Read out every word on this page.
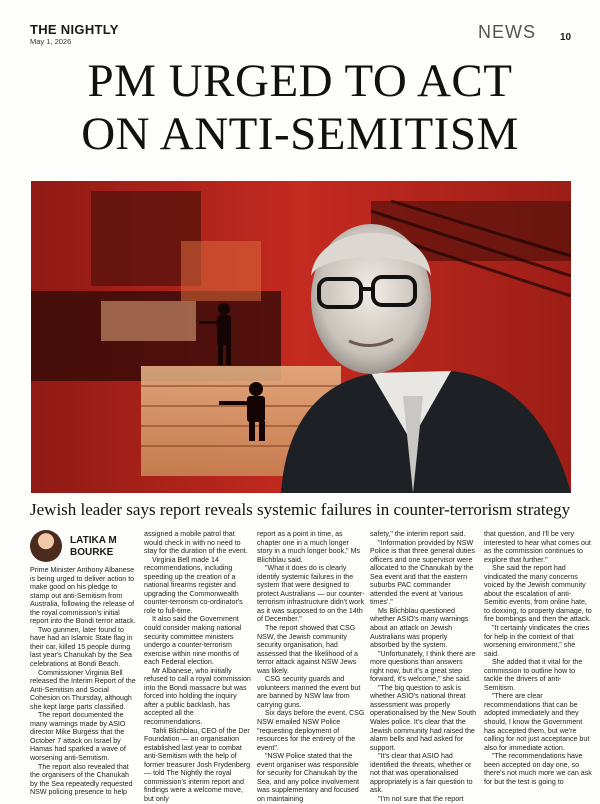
THE NIGHTLY
May 1, 2026	NEWS 10
PM URGED TO ACT
ON ANTI-SEMITISM
Jewish leader says report reveals systemic failures in counter-terrorism strategy
LATIKA M
BOURKE

Prime Minister Anthony Albanese is being urged to deliver action to make good on his pledge to stamp out anti-Semitism from Australia, following the release of the royal commission's initial report into the Bondi terror attack.

Two gunmen, later found to have had an Islamic State flag in their car, killed 15 people during last year's Chanukah by the Sea celebrations at Bondi Beach.

Commissioner Virginia Bell released the Interim Report of the Anti-Semitism and Social Cohesion on Thursday, although she kept large parts classified.

The report documented the many warnings made by ASIO director Mike Burgess that the October 7 attack on Israel by Hamas had sparked a wave of worsening anti-Semitism.

The report also revealed that the organisers of the Chanukah by the Sea repeatedly requested NSW policing presence to help

assigned a mobile patrol that would check in with no need to stay for the duration of the event.

Virginia Bell made 14 recommendations, including speeding up the creation of a national firearms register and upgrading the Commonwealth counter-terrorism co-ordinator's role to full-time.

It also said the Government could consider making national security committee ministers undergo a counter-terrorism exercise within nine months of each Federal election.

Mr Albanese, who initially refused to call a royal commission into the Bondi massacre but was forced into holding the inquiry after a public backlash, has accepted all the recommendations.

Tahli Blichblau, CEO of the Der Foundation — an organisation established last year to combat anti-Semitism with the help of former treasurer Josh Frydenberg — told The Nightly the royal commission's interim report and findings were a welcome move, but only

report as a point in time, as chapter one in a much longer story in a much longer book," Ms Blichblau said.

"What it does do is clearly identify systemic failures in the system that were designed to protect Australians — our counter-terrorism infrastructure didn't work as it was supposed to on the 14th of December."

The report showed that CSG NSW, the Jewish community security organisation, had assessed that the likelihood of a terror attack against NSW Jews was likely.

CSG security guards and volunteers manned the event but are banned by NSW law from carrying guns.

Six days before the event, CSG NSW emailed NSW Police "requesting deployment of resources for the entirety of the event".

"NSW Police stated that the event organiser was responsible for security for Chanukah by the Sea, and any police involvement was supplementary and focused on maintaining

safety," the interim report said.

"Information provided by NSW Police is that three general duties officers and one supervisor were allocated to the Chanukah by the Sea event and that the eastern suburbs PAC commander attended the event at 'various times'."

Ms Blichblau questioned whether ASIO's many warnings about an attack on Jewish Australians was properly absorbed by the system.

"Unfortunately, I think there are more questions than answers right now, but it's a great step forward, it's welcome," she said.

"The big question to ask is whether ASIO's national threat assessment was properly operationalised by the New South Wales police. It's clear that the Jewish community had raised the alarm bells and had asked for support.

"It's clear that ASIO had identified the threats, whether or not that was operationalised appropriately is a fair question to ask.

"I'm not sure that the report

that question, and I'll be very interested to hear what comes out as the commission continues to explore that further."

She said the report had vindicated the many concerns voiced by the Jewish community about the escalation of anti-Semitic events, from online hate, to doxxing, to property damage, to fire bombings and then the attack.

"It certainly vindicates the cries for help in the context of that worsening environment," she said.

She added that it vital for the commission to outline how to tackle the drivers of anti-Semitism.

"There are clear recommendations that can be adopted immediately and they should, I know the Government has accepted them, but we're calling for not just acceptance but also for immediate action.

"The recommendations have been accepted on day one, so there's not much more we can ask for but the test is going to
